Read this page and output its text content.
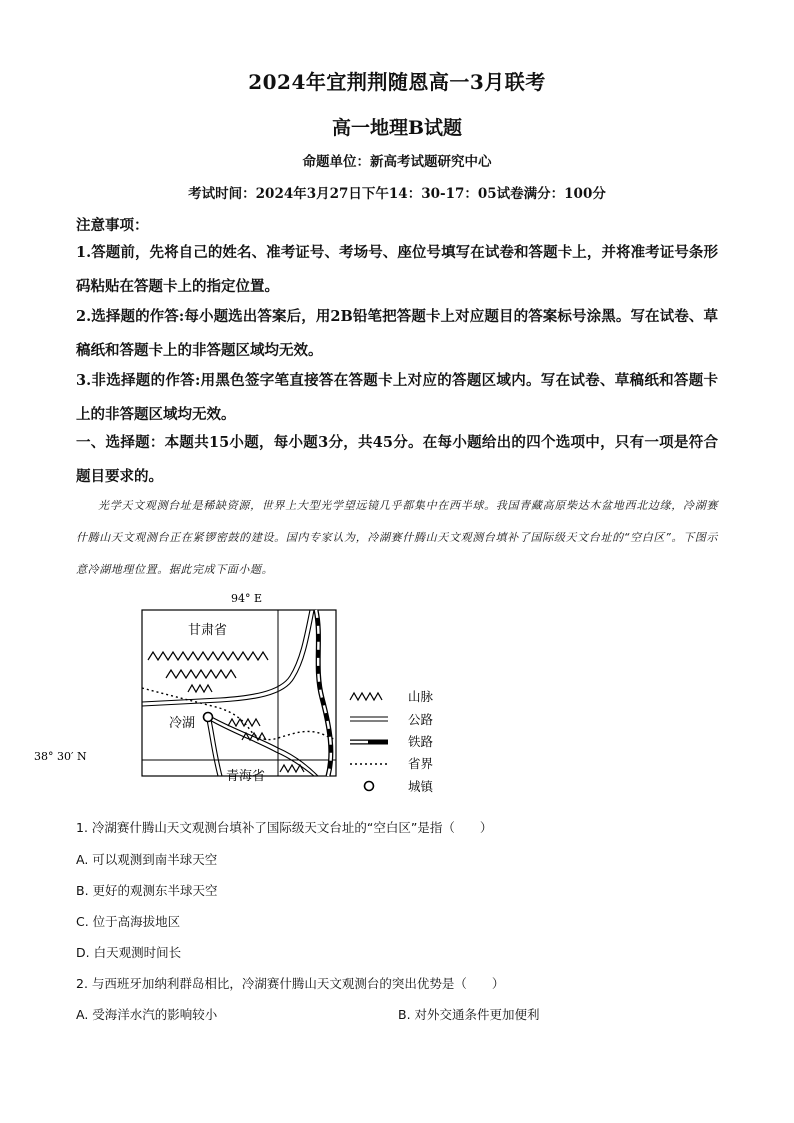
2024年宜荆荆随恩高一3月联考
高一地理B试题
命题单位：新高考试题研究中心
考试时间：2024年3月27日下午14：30-17：05试卷满分：100分
注意事项：
1.答题前，先将自己的姓名、准考证号、考场号、座位号填写在试卷和答题卡上，并将准考证号条形码粘贴在答题卡上的指定位置。
2.选择题的作答:每小题选出答案后，用2B铅笔把答题卡上对应题目的答案标号涂黑。写在试卷、草稿纸和答题卡上的非答题区域均无效。
3.非选择题的作答:用黑色签字笔直接答在答题卡上对应的答题区域内。写在试卷、草稿纸和答题卡上的非答题区域均无效。
一、选择题：本题共15小题，每小题3分，共45分。在每小题给出的四个选项中，只有一项是符合题目要求的。
光学天文观测台址是稀缺资源，世界上大型光学望远镜几乎都集中在西半球。我国青藏高原柴达木盆地西北边缘，冷湖赛什腾山天文观测台正在紧锣密鼓的建设。国内专家认为，冷湖赛什腾山天文观测台填补了国际级天文台址的“空白区”。下图示意冷湖地理位置。据此完成下面小题。
94° E
38° 30′ N
甘肃省
青海省
冷湖
山脉
公路
铁路
省界
城镇
1. 冷湖赛什腾山天文观测台填补了国际级天文台址的“空白区”是指（　　）
A. 可以观测到南半球天空
B. 更好的观测东半球天空
C. 位于高海拔地区
D. 白天观测时间长
2. 与西班牙加纳利群岛相比，冷湖赛什腾山天文观测台的突出优势是（　　）
A. 受海洋水汽的影响较小	B. 对外交通条件更加便利
